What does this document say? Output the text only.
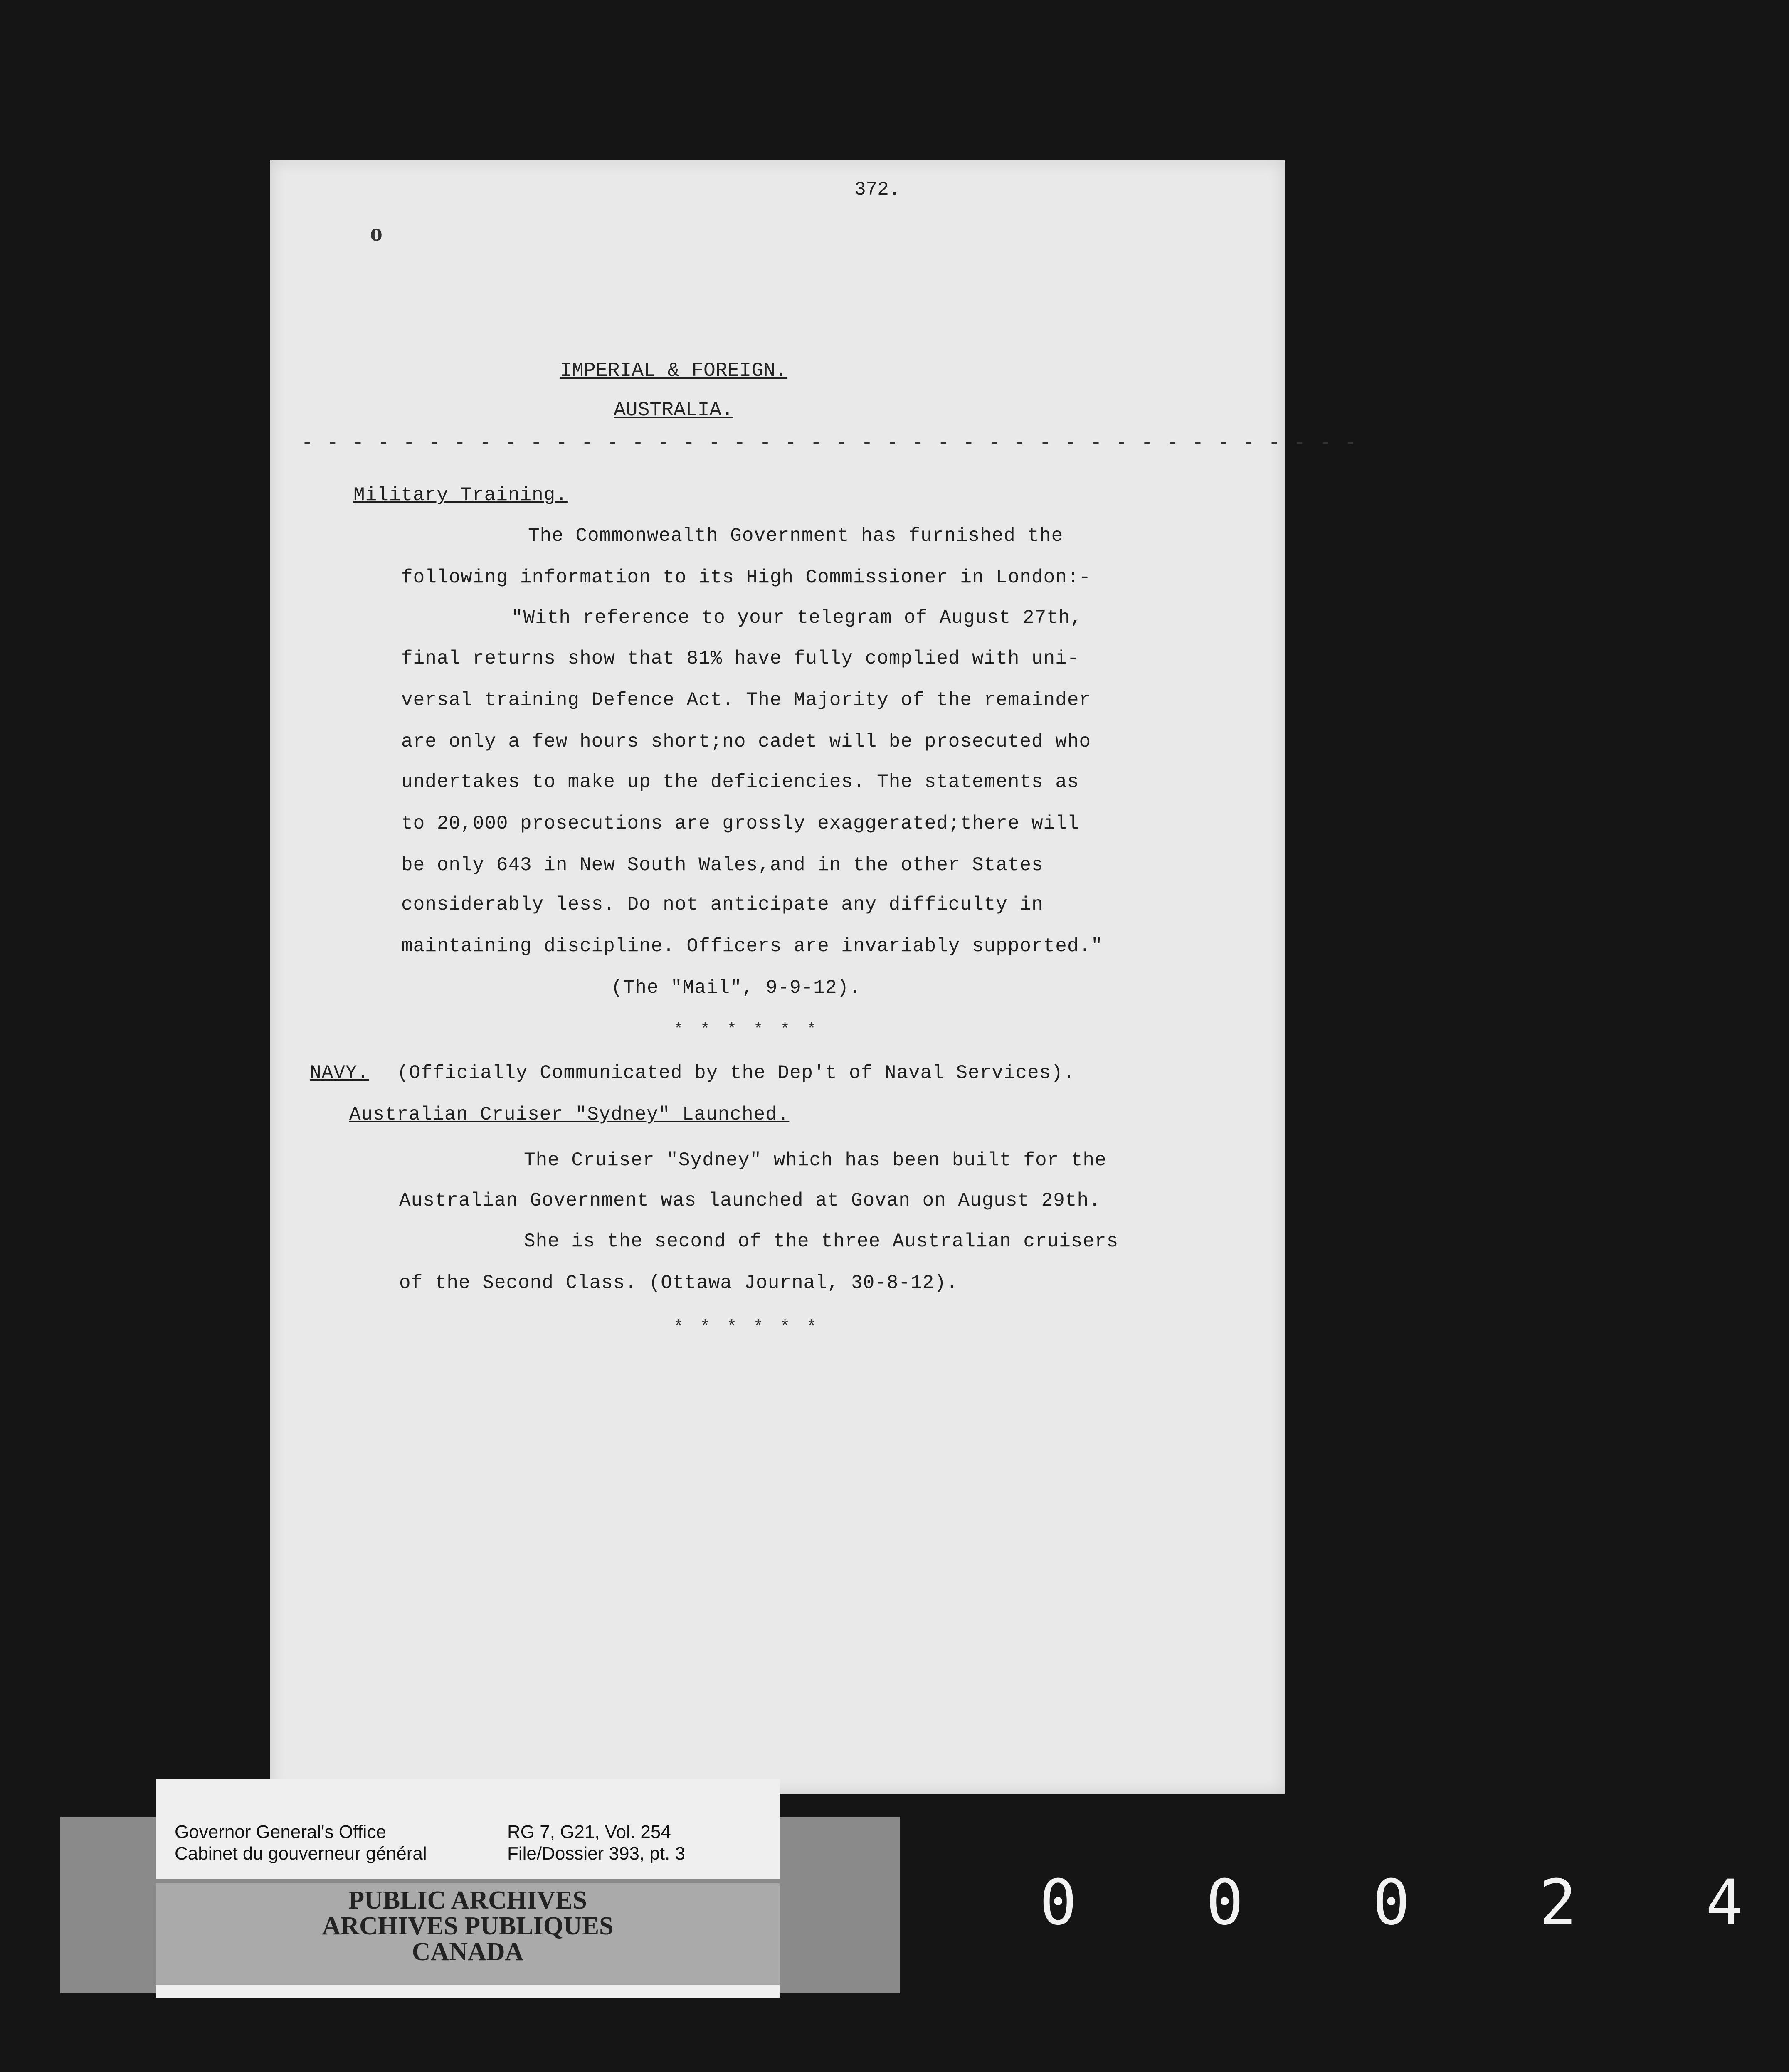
o
372.
IMPERIAL & FOREIGN.
AUSTRALIA.
- - - - - - - - - - - - - - - - - - - - - - - - - - - - - - - - - - - - - - - - - -
Military Training.
The Commonwealth Government has furnished the
following information to its High Commissioner in London:-
"With reference to your telegram of August 27th,
final returns show that 81% have fully complied with uni-
versal training Defence Act. The Majority of the remainder
are only a few hours short;no cadet will be prosecuted who
undertakes to make up the deficiencies. The statements as
to 20,000 prosecutions are grossly exaggerated;there will
be only 643 in New South Wales,and in the other States
considerably less. Do not anticipate any difficulty in
maintaining discipline. Officers are invariably supported."
(The "Mail", 9-9-12).
* * * * * *
NAVY. (Officially Communicated by the Dep't of Naval Services).
Australian Cruiser "Sydney" Launched.
The Cruiser "Sydney" which has been built for the
Australian Government was launched at Govan on August 29th.
She is the second of the three Australian cruisers
of the Second Class. (Ottawa Journal, 30-8-12).
* * * * * *
Governor General's Office
Cabinet du gouverneur général
RG 7, G21, Vol. 254
File/Dossier 393, pt. 3
PUBLIC ARCHIVES
ARCHIVES PUBLIQUES
CANADA
0 0 0 2 4
